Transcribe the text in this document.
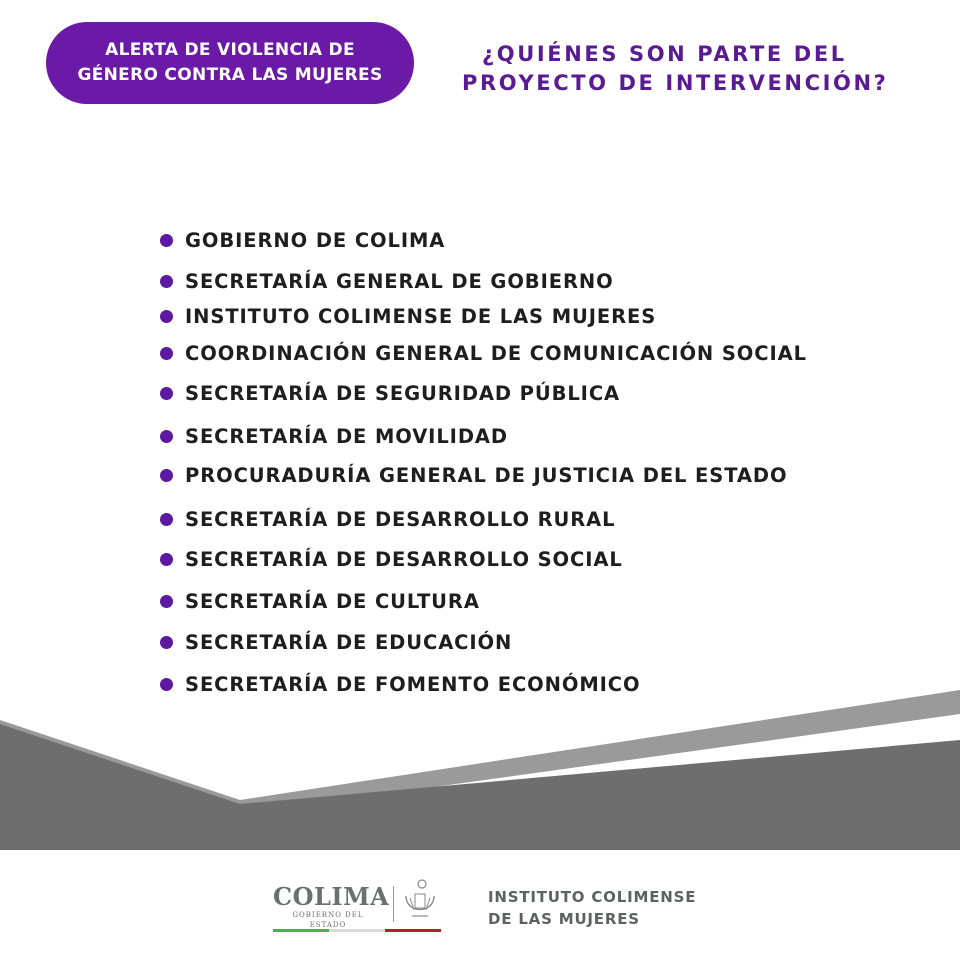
ALERTA DE VIOLENCIA DE
GÉNERO CONTRA LAS MUJERES
¿QUIÉNES SON PARTE DEL
PROYECTO DE INTERVENCIÓN?
GOBIERNO DE COLIMA
SECRETARÍA GENERAL DE GOBIERNO
INSTITUTO COLIMENSE DE LAS MUJERES
COORDINACIÓN GENERAL DE COMUNICACIÓN SOCIAL
SECRETARÍA DE SEGURIDAD PÚBLICA
SECRETARÍA DE MOVILIDAD
PROCURADURÍA GENERAL DE JUSTICIA DEL ESTADO
SECRETARÍA DE DESARROLLO RURAL
SECRETARÍA DE DESARROLLO SOCIAL
SECRETARÍA DE CULTURA
SECRETARÍA DE EDUCACIÓN
SECRETARÍA DE FOMENTO ECONÓMICO
COLIMA
GOBIERNO DEL ESTADO
INSTITUTO COLIMENSE
DE LAS MUJERES
